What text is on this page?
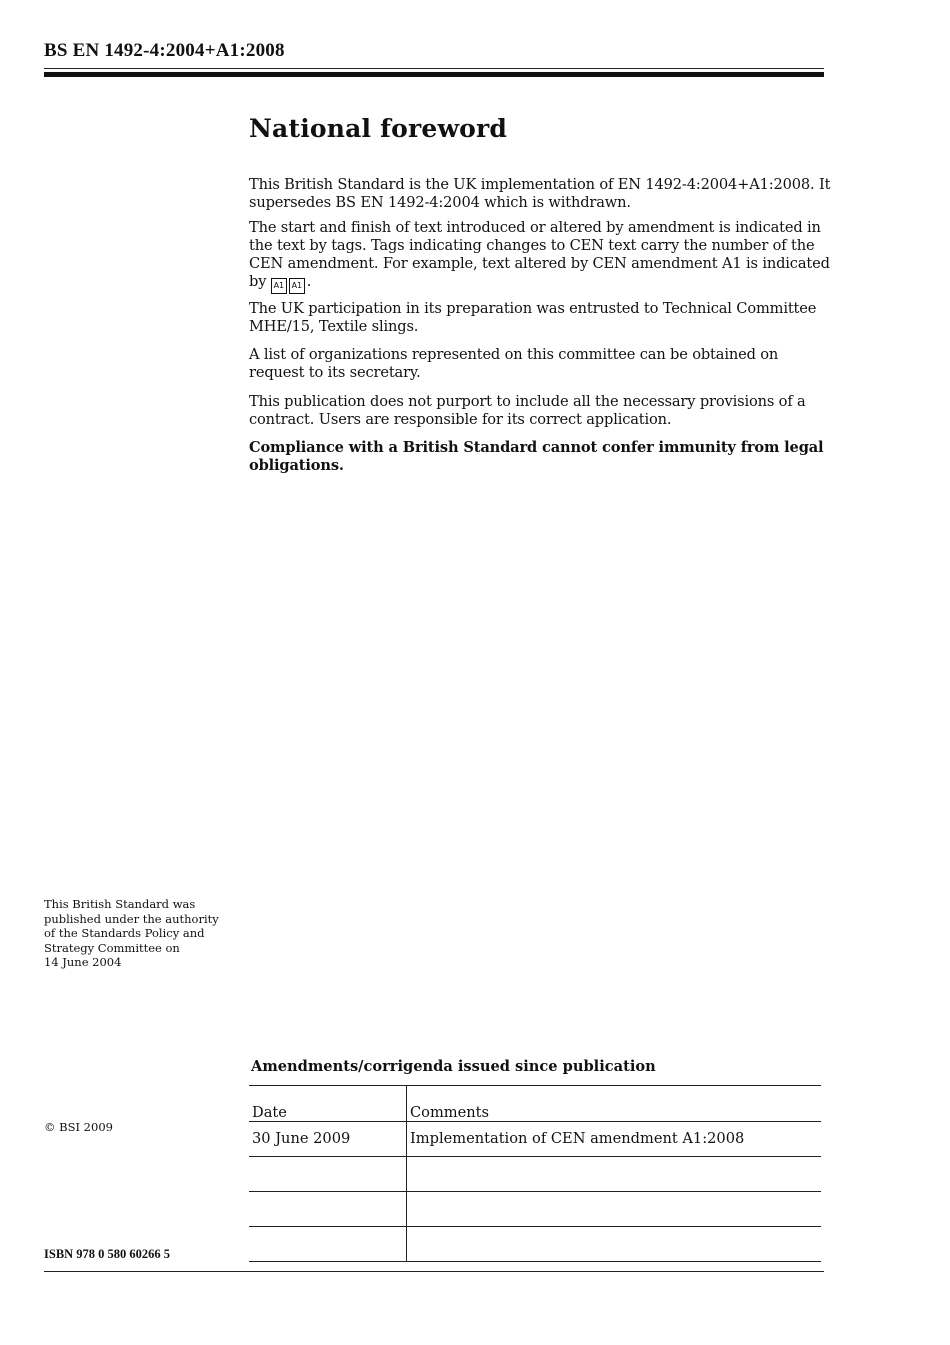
BS EN 1492-4:2004+A1:2008
National foreword

This British Standard is the UK implementation of EN 1492-4:2004+A1:2008. It supersedes BS EN 1492-4:2004 which is withdrawn.

The start and finish of text introduced or altered by amendment is indicated in the text by tags. Tags indicating changes to CEN text carry the number of the CEN amendment. For example, text altered by CEN amendment A1 is indicated by A1 A1 .

The UK participation in its preparation was entrusted to Technical Committee MHE/15, Textile slings.

A list of organizations represented on this committee can be obtained on request to its secretary.

This publication does not purport to include all the necessary provisions of a contract. Users are responsible for its correct application.

Compliance with a British Standard cannot confer immunity from legal obligations.

This British Standard was
published under the authority
of the Standards Policy and
Strategy Committee on
14 June 2004
Amendments/corrigenda issued since publication
Date	Comments
30 June 2009	Implementation of CEN amendment A1:2008

© BSI 2009
ISBN 978 0 580 60266 5
